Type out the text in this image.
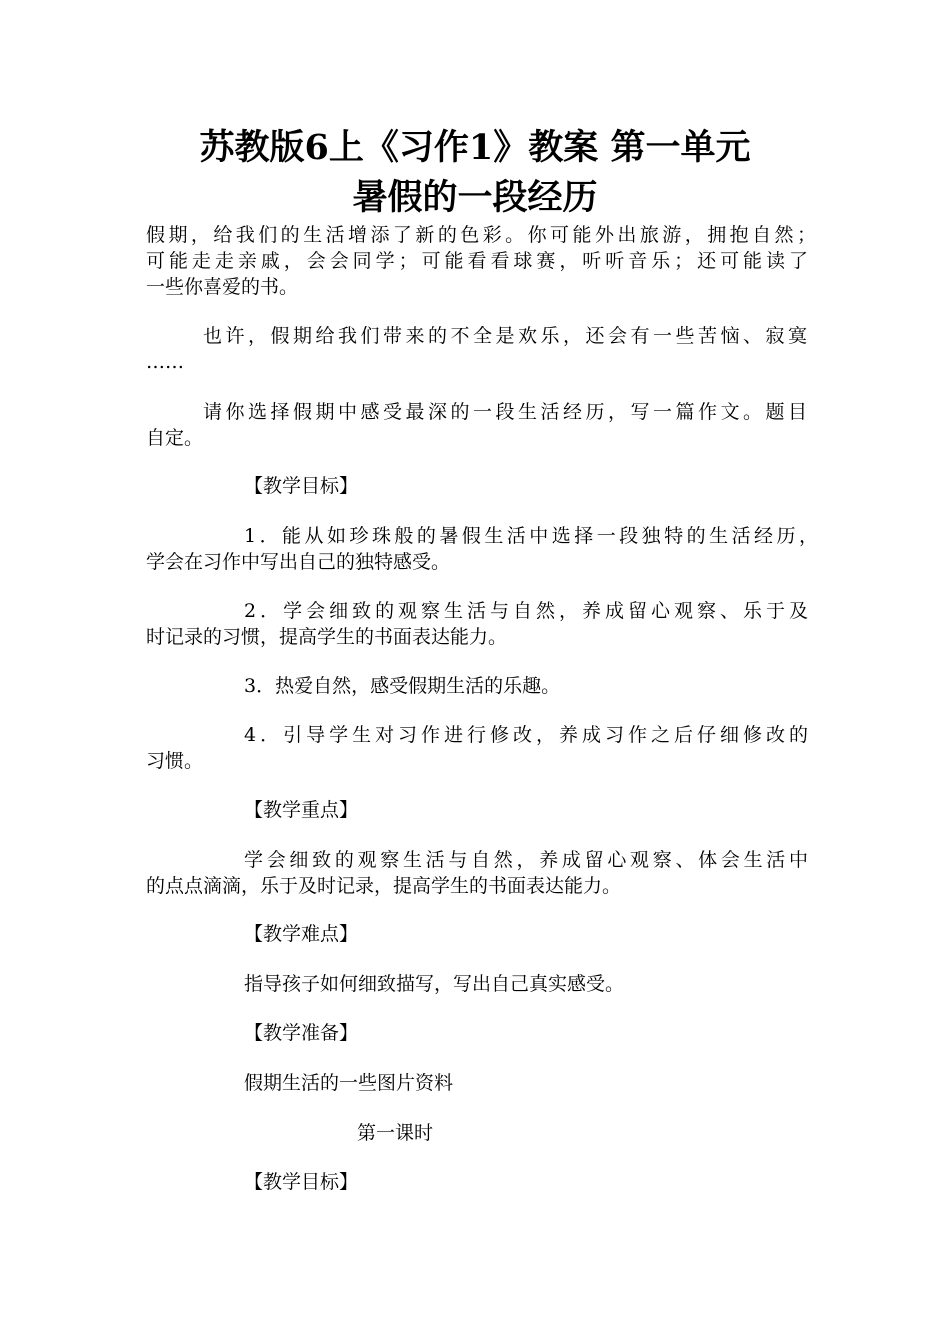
苏教版6上《习作1》教案 第一单元
暑假的一段经历
假期，给我们的生活增添了新的色彩。你可能外出旅游，拥抱自然；
可能走走亲戚，会会同学；可能看看球赛，听听音乐；还可能读了
一些你喜爱的书。
也许，假期给我们带来的不全是欢乐，还会有一些苦恼、寂寞
……
请你选择假期中感受最深的一段生活经历，写一篇作文。题目
自定。
【教学目标】
1．能从如珍珠般的暑假生活中选择一段独特的生活经历，
学会在习作中写出自己的独特感受。
2．学会细致的观察生活与自然，养成留心观察、乐于及
时记录的习惯，提高学生的书面表达能力。
3．热爱自然，感受假期生活的乐趣。
4．引导学生对习作进行修改，养成习作之后仔细修改的
习惯。
【教学重点】
学会细致的观察生活与自然，养成留心观察、体会生活中
的点点滴滴，乐于及时记录，提高学生的书面表达能力。
【教学难点】
指导孩子如何细致描写，写出自己真实感受。
【教学准备】
假期生活的一些图片资料
第一课时
【教学目标】
